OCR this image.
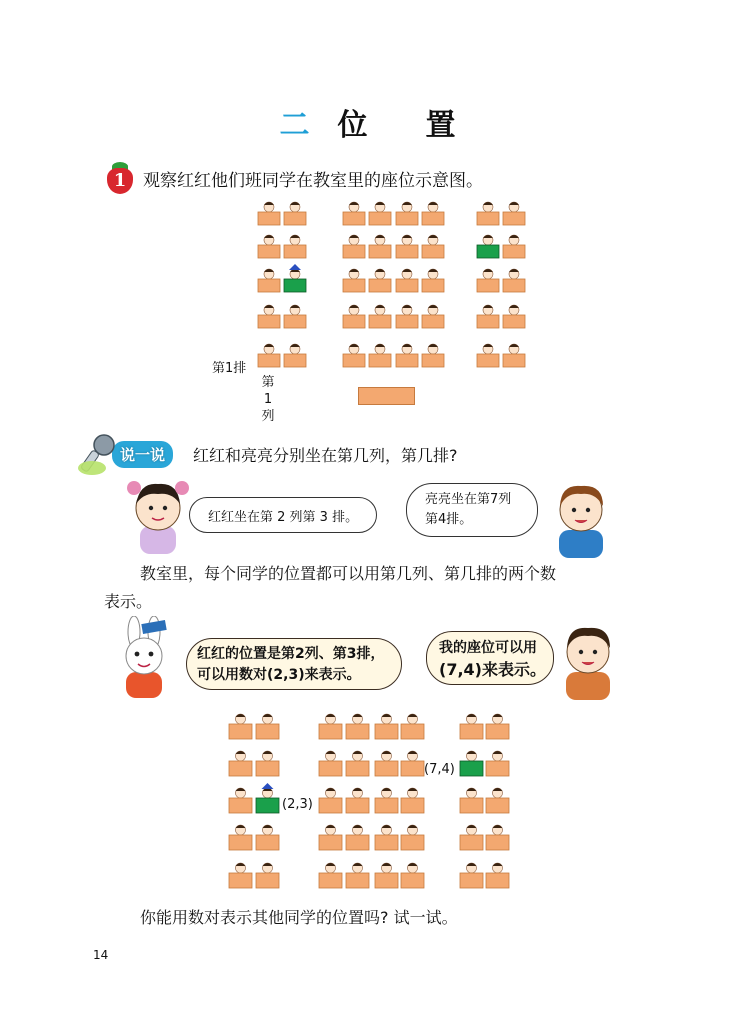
二 位 置
1 观察红红他们班同学在教室里的座位示意图。
第1排
第
1
列
说一说	红红和亮亮分别坐在第几列，第几排?
红红坐在第 2 列第 3 排。
亮亮坐在第7列
第4排。
教室里，每个同学的位置都可以用第几列、第几排的两个数
表示。
红红的位置是第2列、第3排，
可以用数对(2,3)来表示。
我的座位可以用
(7,4)来表示。
(2,3)
(7,4)
你能用数对表示其他同学的位置吗? 试一试。
14
